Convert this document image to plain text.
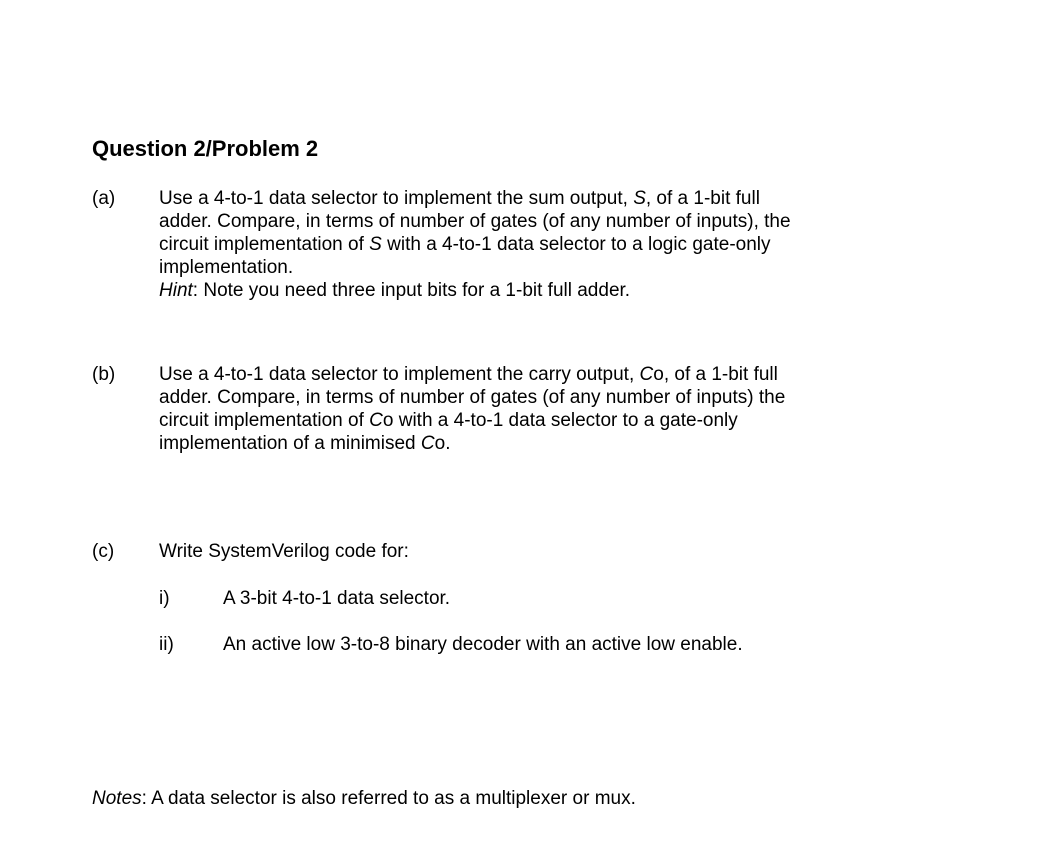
Question 2/Problem 2
(a) Use a 4-to-1 data selector to implement the sum output, S, of a 1-bit full
adder. Compare, in terms of number of gates (of any number of inputs), the
circuit implementation of S with a 4-to-1 data selector to a logic gate-only
implementation.
Hint: Note you need three input bits for a 1-bit full adder.
(b) Use a 4-to-1 data selector to implement the carry output, Co, of a 1-bit full
adder. Compare, in terms of number of gates (of any number of inputs) the
circuit implementation of Co with a 4-to-1 data selector to a gate-only
implementation of a minimised Co.
(c) Write SystemVerilog code for:
i)	A 3-bit 4-to-1 data selector.
ii)	An active low 3-to-8 binary decoder with an active low enable.
Notes: A data selector is also referred to as a multiplexer or mux.
